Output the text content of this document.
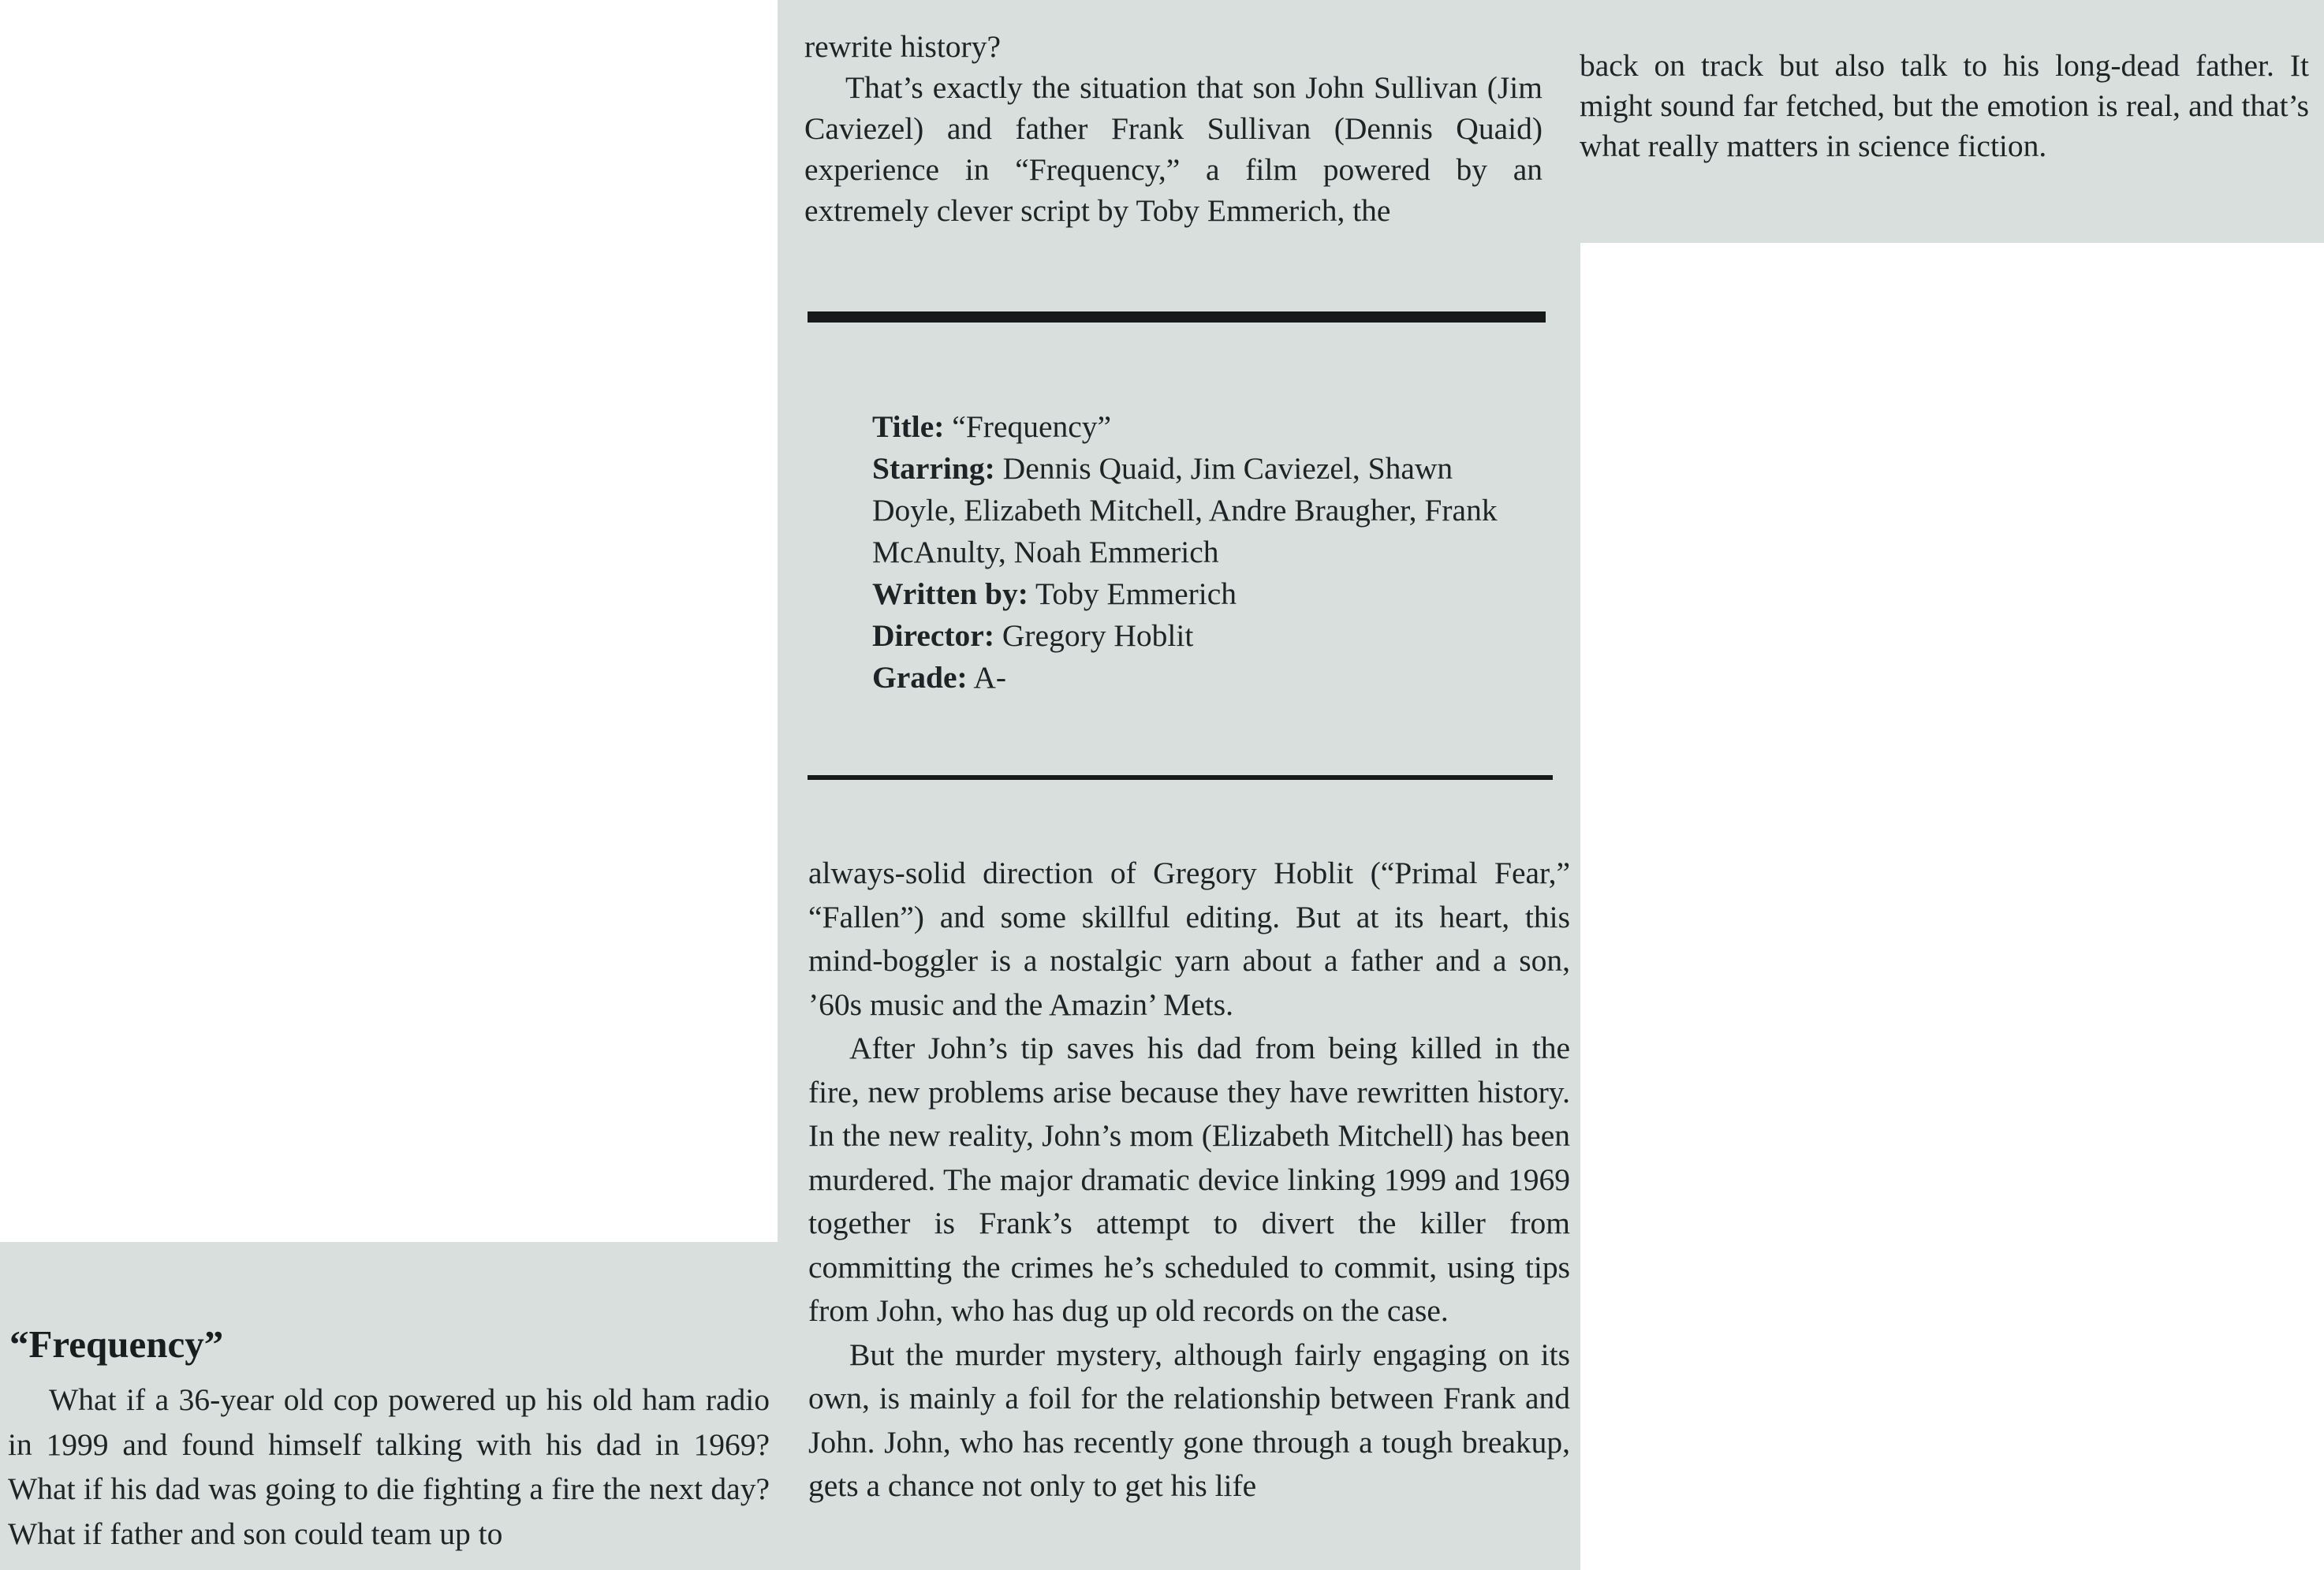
rewrite history?

That’s exactly the situation that son John Sullivan (Jim Caviezel) and father Frank Sullivan (Dennis Quaid) experience in “Frequency,” a film powered by an extremely clever script by Toby Emmerich, the

back on track but also talk to his long-dead father. It might sound far fetched, but the emotion is real, and that’s what really matters in science fiction.

Title: “Frequency”

Starring: Dennis Quaid, Jim Caviezel, Shawn Doyle, Elizabeth Mitchell, Andre Braugher, Frank McAnulty, Noah Emmerich

Written by: Toby Emmerich

Director: Gregory Hoblit

Grade: A-

always-solid direction of Gregory Hoblit (“Primal Fear,” “Fallen”) and some skillful editing. But at its heart, this mind-boggler is a nostalgic yarn about a father and a son, ’60s music and the Amazin’ Mets.

After John’s tip saves his dad from being killed in the fire, new problems arise because they have rewritten history. In the new reality, John’s mom (Elizabeth Mitchell) has been murdered. The major dramatic device linking 1999 and 1969 together is Frank’s attempt to divert the killer from committing the crimes he’s scheduled to commit, using tips from John, who has dug up old records on the case.

But the murder mystery, although fairly engaging on its own, is mainly a foil for the relationship between Frank and John. John, who has recently gone through a tough breakup, gets a chance not only to get his life

“Frequency”

What if a 36-year old cop powered up his old ham radio in 1999 and found himself talking with his dad in 1969? What if his dad was going to die fighting a fire the next day? What if father and son could team up to
